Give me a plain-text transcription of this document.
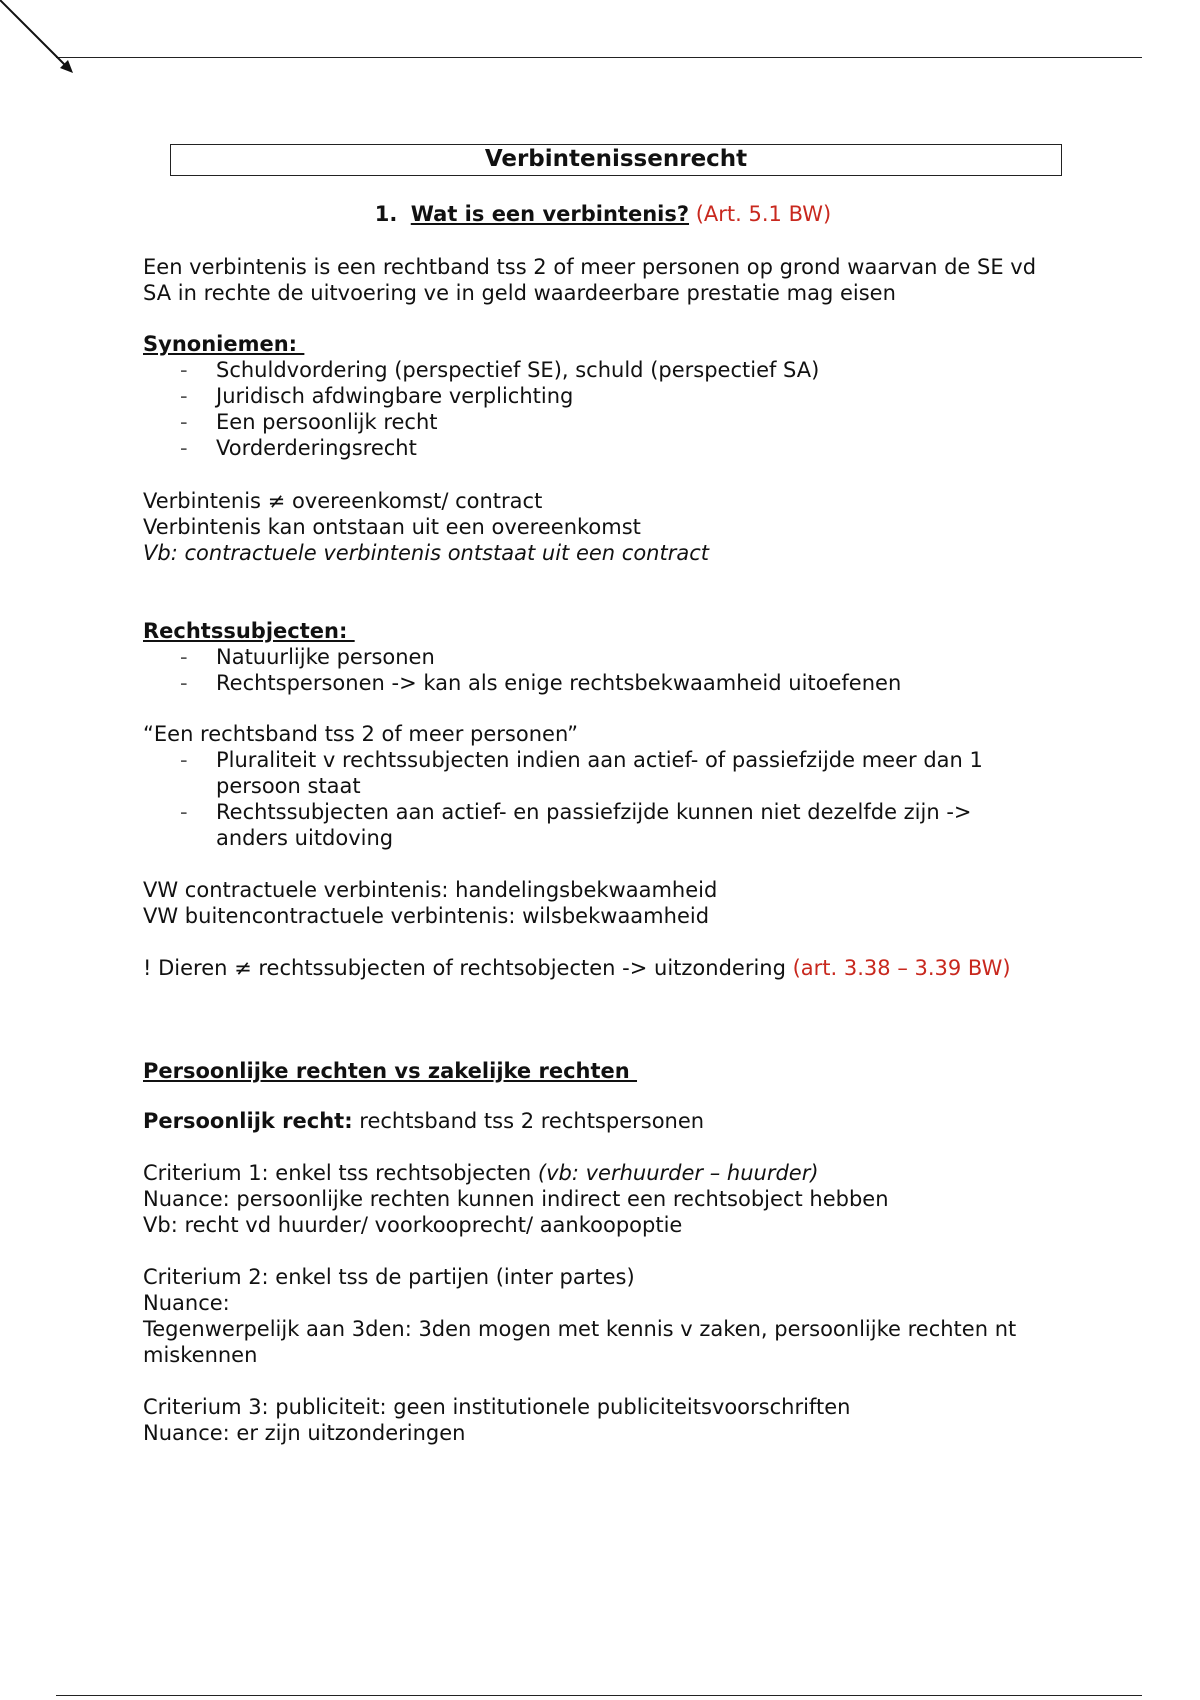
Verbintenissenrecht
1. Wat is een verbintenis? (Art. 5.1 BW)

Een verbintenis is een rechtband tss 2 of meer personen op grond waarvan de SE vd SA in rechte de uitvoering ve in geld waardeerbare prestatie mag eisen

Synoniemen:

- Schuldvordering (perspectief SE), schuld (perspectief SA)
- Juridisch afdwingbare verplichting
- Een persoonlijk recht
- Vorderderingsrecht

Verbintenis ≠ overeenkomst/ contract

Verbintenis kan ontstaan uit een overeenkomst

Vb: contractuele verbintenis ontstaat uit een contract

Rechtssubjecten:

- Natuurlijke personen
- Rechtspersonen -> kan als enige rechtsbekwaamheid uitoefenen

“Een rechtsband tss 2 of meer personen”

- Pluraliteit v rechtssubjecten indien aan actief- of passiefzijde meer dan 1 persoon staat
- Rechtssubjecten aan actief- en passiefzijde kunnen niet dezelfde zijn -> anders uitdoving

VW contractuele verbintenis: handelingsbekwaamheid

VW buitencontractuele verbintenis: wilsbekwaamheid

! Dieren ≠ rechtssubjecten of rechtsobjecten -> uitzondering (art. 3.38 – 3.39 BW)

Persoonlijke rechten vs zakelijke rechten

Persoonlijk recht: rechtsband tss 2 rechtspersonen

Criterium 1: enkel tss rechtsobjecten (vb: verhuurder – huurder)

Nuance: persoonlijke rechten kunnen indirect een rechtsobject hebben

Vb: recht vd huurder/ voorkooprecht/ aankoopoptie

Criterium 2: enkel tss de partijen (inter partes)

Nuance:

Tegenwerpelijk aan 3den: 3den mogen met kennis v zaken, persoonlijke rechten nt miskennen

Criterium 3: publiciteit: geen institutionele publiciteitsvoorschriften

Nuance: er zijn uitzonderingen
